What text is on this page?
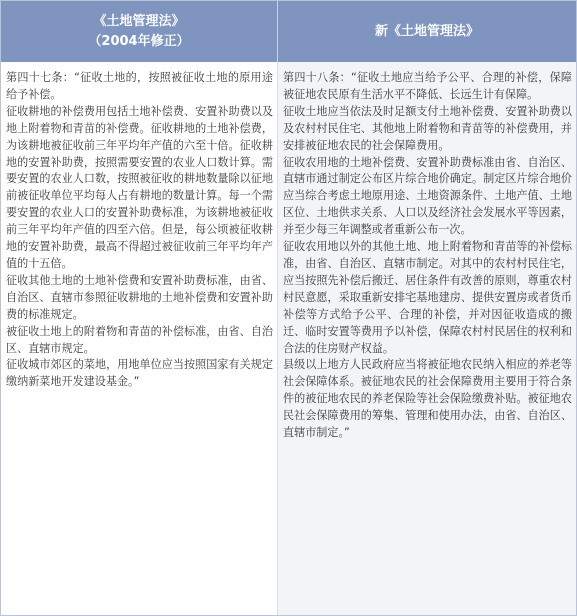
《土地管理法》
（2004年修正）
新《土地管理法》

第四十七条：“征收土地的，按照被征收土地的原用途给予补偿。

征收耕地的补偿费用包括土地补偿费、安置补助费以及地上附着物和青苗的补偿费。征收耕地的土地补偿费，为该耕地被征收前三年平均年产值的六至十倍。征收耕地的安置补助费，按照需要安置的农业人口数计算。需要安置的农业人口数，按照被征收的耕地数量除以征地前被征收单位平均每人占有耕地的数量计算。每一个需要安置的农业人口的安置补助费标准，为该耕地被征收前三年平均年产值的四至六倍。但是，每公顷被征收耕地的安置补助费，最高不得超过被征收前三年平均年产值的十五倍。

征收其他土地的土地补偿费和安置补助费标准，由省、自治区、直辖市参照征收耕地的土地补偿费和安置补助费的标准规定。

被征收土地上的附着物和青苗的补偿标准，由省、自治区、直辖市规定。

征收城市郊区的菜地，用地单位应当按照国家有关规定缴纳新菜地开发建设基金。”

第四十八条：“征收土地应当给予公平、合理的补偿，保障被征地农民原有生活水平不降低、长远生计有保障。

征收土地应当依法及时足额支付土地补偿费、安置补助费以及农村村民住宅、其他地上附着物和青苗等的补偿费用，并安排被征地农民的社会保障费用。

征收农用地的土地补偿费、安置补助费标准由省、自治区、直辖市通过制定公布区片综合地价确定。制定区片综合地价应当综合考虑土地原用途、土地资源条件、土地产值、土地区位、土地供求关系、人口以及经济社会发展水平等因素，并至少每三年调整或者重新公布一次。

征收农用地以外的其他土地、地上附着物和青苗等的补偿标准，由省、自治区、直辖市制定。对其中的农村村民住宅，应当按照先补偿后搬迁、居住条件有改善的原则，尊重农村村民意愿，采取重新安排宅基地建房、提供安置房或者货币补偿等方式给予公平、合理的补偿，并对因征收造成的搬迁、临时安置等费用予以补偿，保障农村村民居住的权利和合法的住房财产权益。

县级以上地方人民政府应当将被征地农民纳入相应的养老等社会保障体系。被征地农民的社会保障费用主要用于符合条件的被征地农民的养老保险等社会保险缴费补贴。被征地农民社会保障费用的筹集、管理和使用办法，由省、自治区、直辖市制定。”
